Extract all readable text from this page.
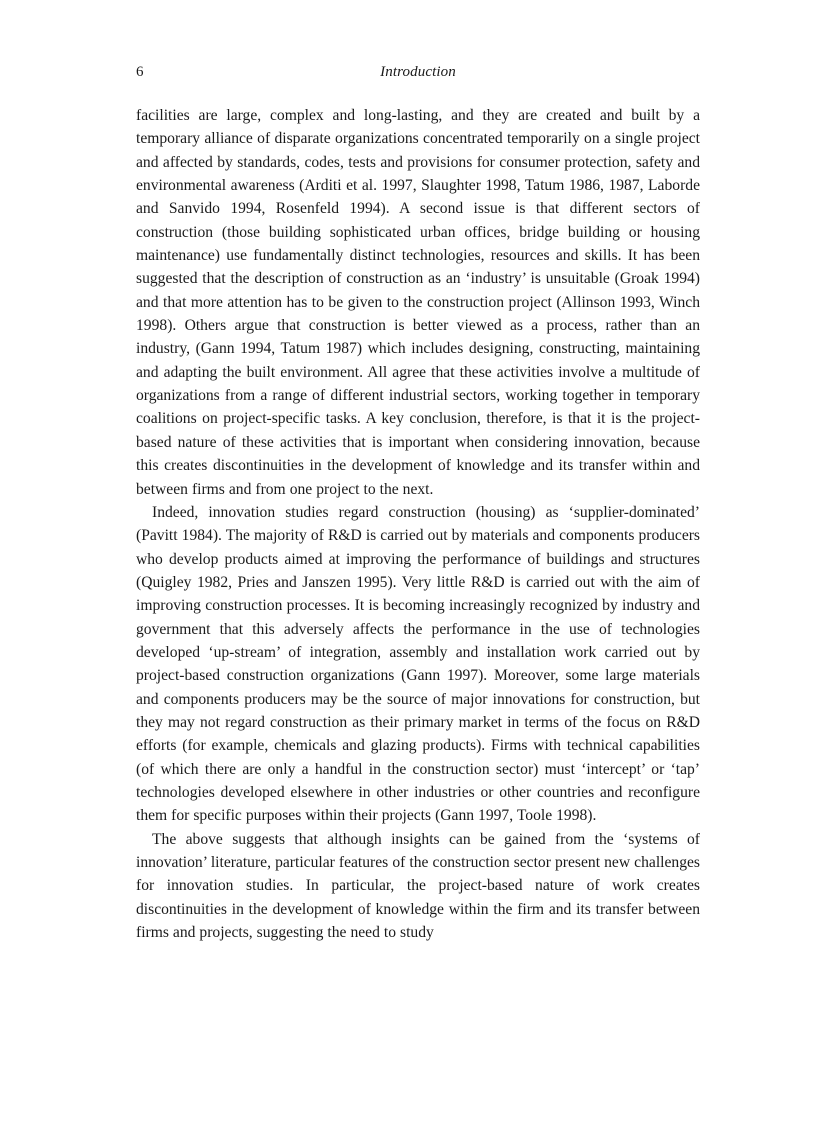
6	Introduction

facilities are large, complex and long-lasting, and they are created and built by a temporary alliance of disparate organizations concentrated temporarily on a single project and affected by standards, codes, tests and provisions for consumer protection, safety and environmental awareness (Arditi et al. 1997, Slaughter 1998, Tatum 1986, 1987, Laborde and Sanvido 1994, Rosenfeld 1994). A second issue is that different sectors of construction (those building sophisticated urban offices, bridge building or housing maintenance) use fundamentally distinct technologies, resources and skills. It has been suggested that the description of construction as an ‘industry’ is unsuitable (Groak 1994) and that more attention has to be given to the construction project (Allinson 1993, Winch 1998). Others argue that construction is better viewed as a process, rather than an industry, (Gann 1994, Tatum 1987) which includes designing, constructing, maintaining and adapting the built environment. All agree that these activities involve a multitude of organizations from a range of different industrial sectors, working together in temporary coalitions on project-specific tasks. A key conclusion, therefore, is that it is the project-based nature of these activities that is important when considering innovation, because this creates discontinuities in the development of knowledge and its transfer within and between firms and from one project to the next.

Indeed, innovation studies regard construction (housing) as ‘supplier-dominated’ (Pavitt 1984). The majority of R&D is carried out by materials and components producers who develop products aimed at improving the performance of buildings and structures (Quigley 1982, Pries and Janszen 1995). Very little R&D is carried out with the aim of improving construction processes. It is becoming increasingly recognized by industry and government that this adversely affects the performance in the use of technologies developed ‘up-stream’ of integration, assembly and installation work carried out by project-based construction organizations (Gann 1997). Moreover, some large materials and components producers may be the source of major innovations for construction, but they may not regard construction as their primary market in terms of the focus on R&D efforts (for example, chemicals and glazing products). Firms with technical capabilities (of which there are only a handful in the construction sector) must ‘intercept’ or ‘tap’ technologies developed elsewhere in other industries or other countries and reconfigure them for specific purposes within their projects (Gann 1997, Toole 1998).

The above suggests that although insights can be gained from the ‘systems of innovation’ literature, particular features of the construction sector present new challenges for innovation studies. In particular, the project-based nature of work creates discontinuities in the development of knowledge within the firm and its transfer between firms and projects, suggesting the need to study
